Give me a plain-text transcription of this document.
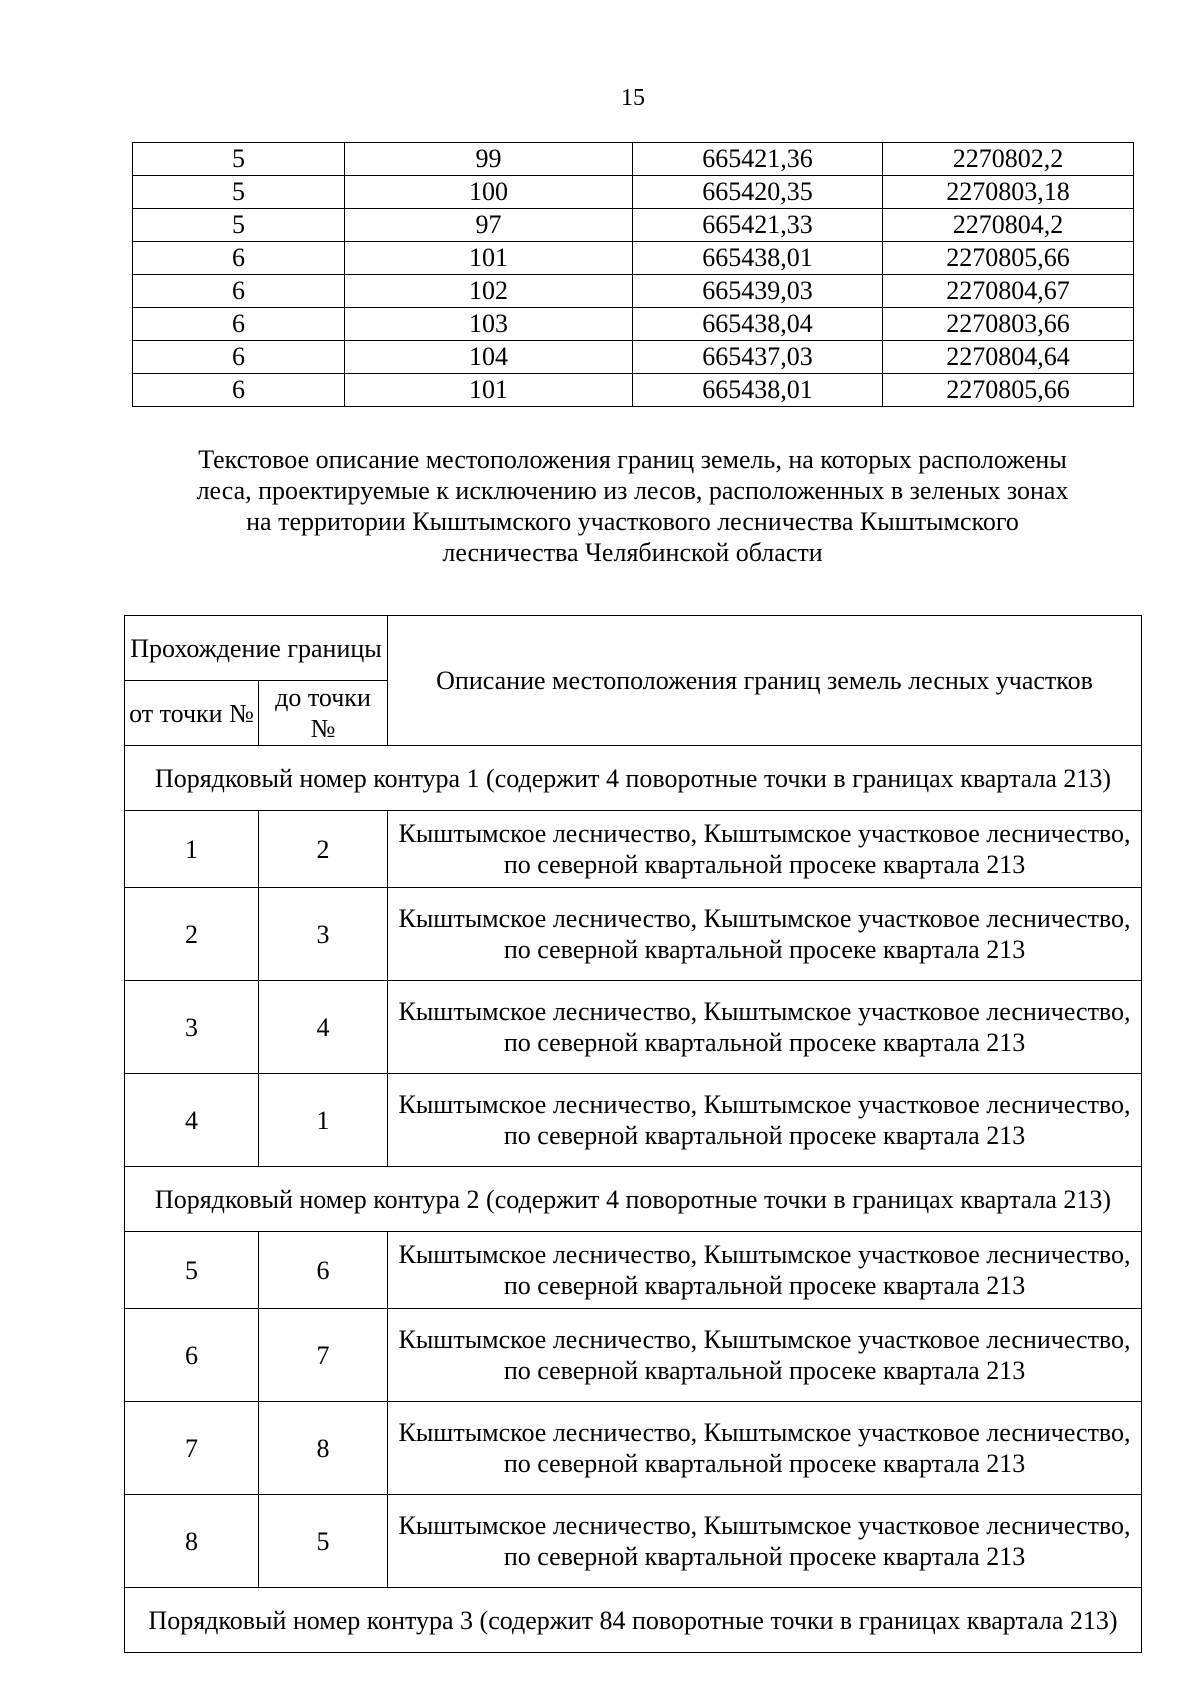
15
5	99	665421,36	2270802,2
5	100	665420,35	2270803,18
5	97	665421,33	2270804,2
6	101	665438,01	2270805,66
6	102	665439,03	2270804,67
6	103	665438,04	2270803,66
6	104	665437,03	2270804,64
6	101	665438,01	2270805,66
Текстовое описание местоположения границ земель, на которых расположены
леса, проектируемые к исключению из лесов, расположенных в зеленых зонах
на территории Кыштымского участкового лесничества Кыштымского
лесничества Челябинской области
Прохождение границы		Описание местоположения границ земель лесных участков
от точки №	до точки №	
Порядковый номер контура 1 (содержит 4 поворотные точки в границах квартала 213)		
1	2	Кыштымское лесничество, Кыштымское участковое лесничество, по северной квартальной просеке квартала 213
2	3	Кыштымское лесничество, Кыштымское участковое лесничество, по северной квартальной просеке квартала 213
3	4	Кыштымское лесничество, Кыштымское участковое лесничество, по северной квартальной просеке квартала 213
4	1	Кыштымское лесничество, Кыштымское участковое лесничество, по северной квартальной просеке квартала 213
Порядковый номер контура 2 (содержит 4 поворотные точки в границах квартала 213)		
5	6	Кыштымское лесничество, Кыштымское участковое лесничество, по северной квартальной просеке квартала 213
6	7	Кыштымское лесничество, Кыштымское участковое лесничество, по северной квартальной просеке квартала 213
7	8	Кыштымское лесничество, Кыштымское участковое лесничество, по северной квартальной просеке квартала 213
8	5	Кыштымское лесничество, Кыштымское участковое лесничество, по северной квартальной просеке квартала 213
Порядковый номер контура 3 (содержит 84 поворотные точки в границах квартала 213)		
